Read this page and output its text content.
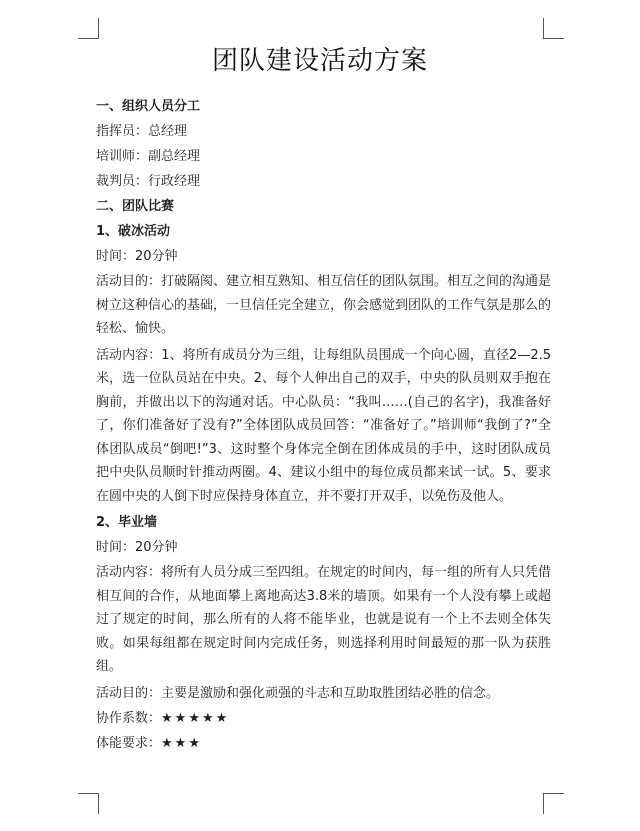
团队建设活动方案

一、组织人员分工

指挥员：总经理

培训师：副总经理

裁判员：行政经理

二、团队比赛

1、破冰活动

时间：20分钟

活动目的：打破隔阂、建立相互熟知、相互信任的团队氛围。相互之间的沟通是树立这种信心的基础，一旦信任完全建立，你会感觉到团队的工作气氛是那么的轻松、愉快。

活动内容：1、将所有成员分为三组，让每组队员围成一个向心圆，直径2—2.5米，选一位队员站在中央。2、每个人伸出自己的双手，中央的队员则双手抱在胸前，并做出以下的沟通对话。中心队员：“我叫……(自己的名字)，我准备好了，你们准备好了没有?”全体团队成员回答：“准备好了。”培训师“我倒了?”全体团队成员“倒吧!”3、这时整个身体完全倒在团体成员的手中，这时团队成员把中央队员顺时针推动两圈。4、建议小组中的每位成员都来试一试。5、要求在圆中央的人倒下时应保持身体直立，并不要打开双手，以免伤及他人。

2、毕业墙

时间：20分钟

活动内容：将所有人员分成三至四组。在规定的时间内，每一组的所有人只凭借相互间的合作，从地面攀上离地高达3.8米的墙顶。如果有一个人没有攀上或超过了规定的时间，那么所有的人将不能毕业，也就是说有一个上不去则全体失败。如果每组都在规定时间内完成任务，则选择利用时间最短的那一队为获胜组。

活动目的：主要是激励和强化顽强的斗志和互助取胜团结必胜的信念。

协作系数：★★★★★

体能要求：★★★
